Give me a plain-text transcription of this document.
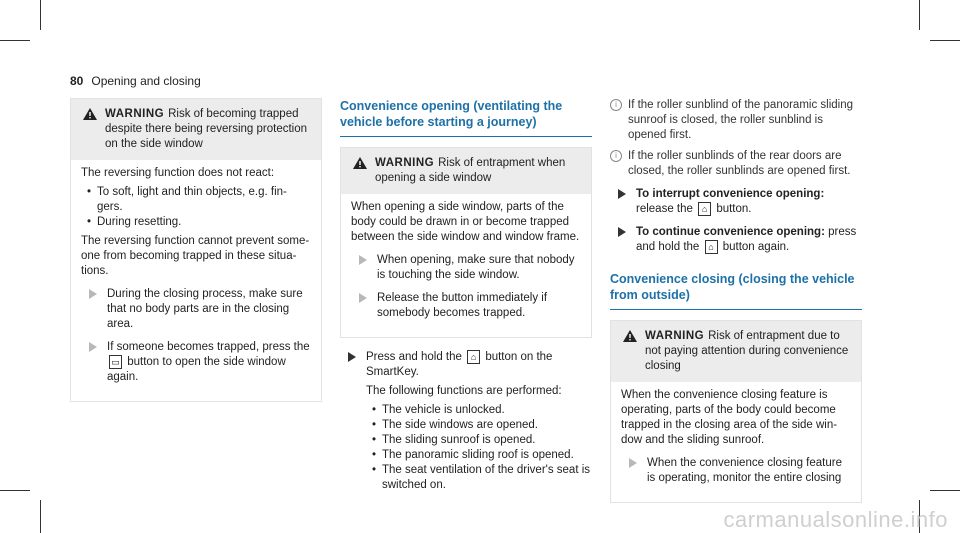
80 Opening and closing
WARNING Risk of becoming trapped despite there being reversing protection on the side window

The reversing function does not react:

• To soft, light and thin objects, e.g. fin-gers.
• During resetting.

The reversing function cannot prevent some-one from becoming trapped in these situa-tions.

During the closing process, make sure that no body parts are in the closing area.
If someone becomes trapped, press the ▭ button to open the side window again.
Convenience opening (ventilating the vehicle before starting a journey)
WARNING Risk of entrapment when opening a side window

When opening a side window, parts of the body could be drawn in or become trapped between the side window and window frame.

When opening, make sure that nobody is touching the side window.
Release the button immediately if somebody becomes trapped.
Press and hold the ⌂ button on the SmartKey.

The following functions are performed:

• The vehicle is unlocked.
• The side windows are opened.
• The sliding sunroof is opened.
• The panoramic sliding roof is opened.
• The seat ventilation of the driver's seat is switched on.
i If the roller sunblind of the panoramic sliding sunroof is closed, the roller sunblind is opened first.
i If the roller sunblinds of the rear doors are closed, the roller sunblinds are opened first.
To interrupt convenience opening: release the ⌂ button.
To continue convenience opening: press and hold the ⌂ button again.
Convenience closing (closing the vehicle from outside)
WARNING Risk of entrapment due to not paying attention during convenience closing

When the convenience closing feature is operating, parts of the body could become trapped in the closing area of the side win-dow and the sliding sunroof.

When the convenience closing feature is operating, monitor the entire closing
carmanualsonline.info
